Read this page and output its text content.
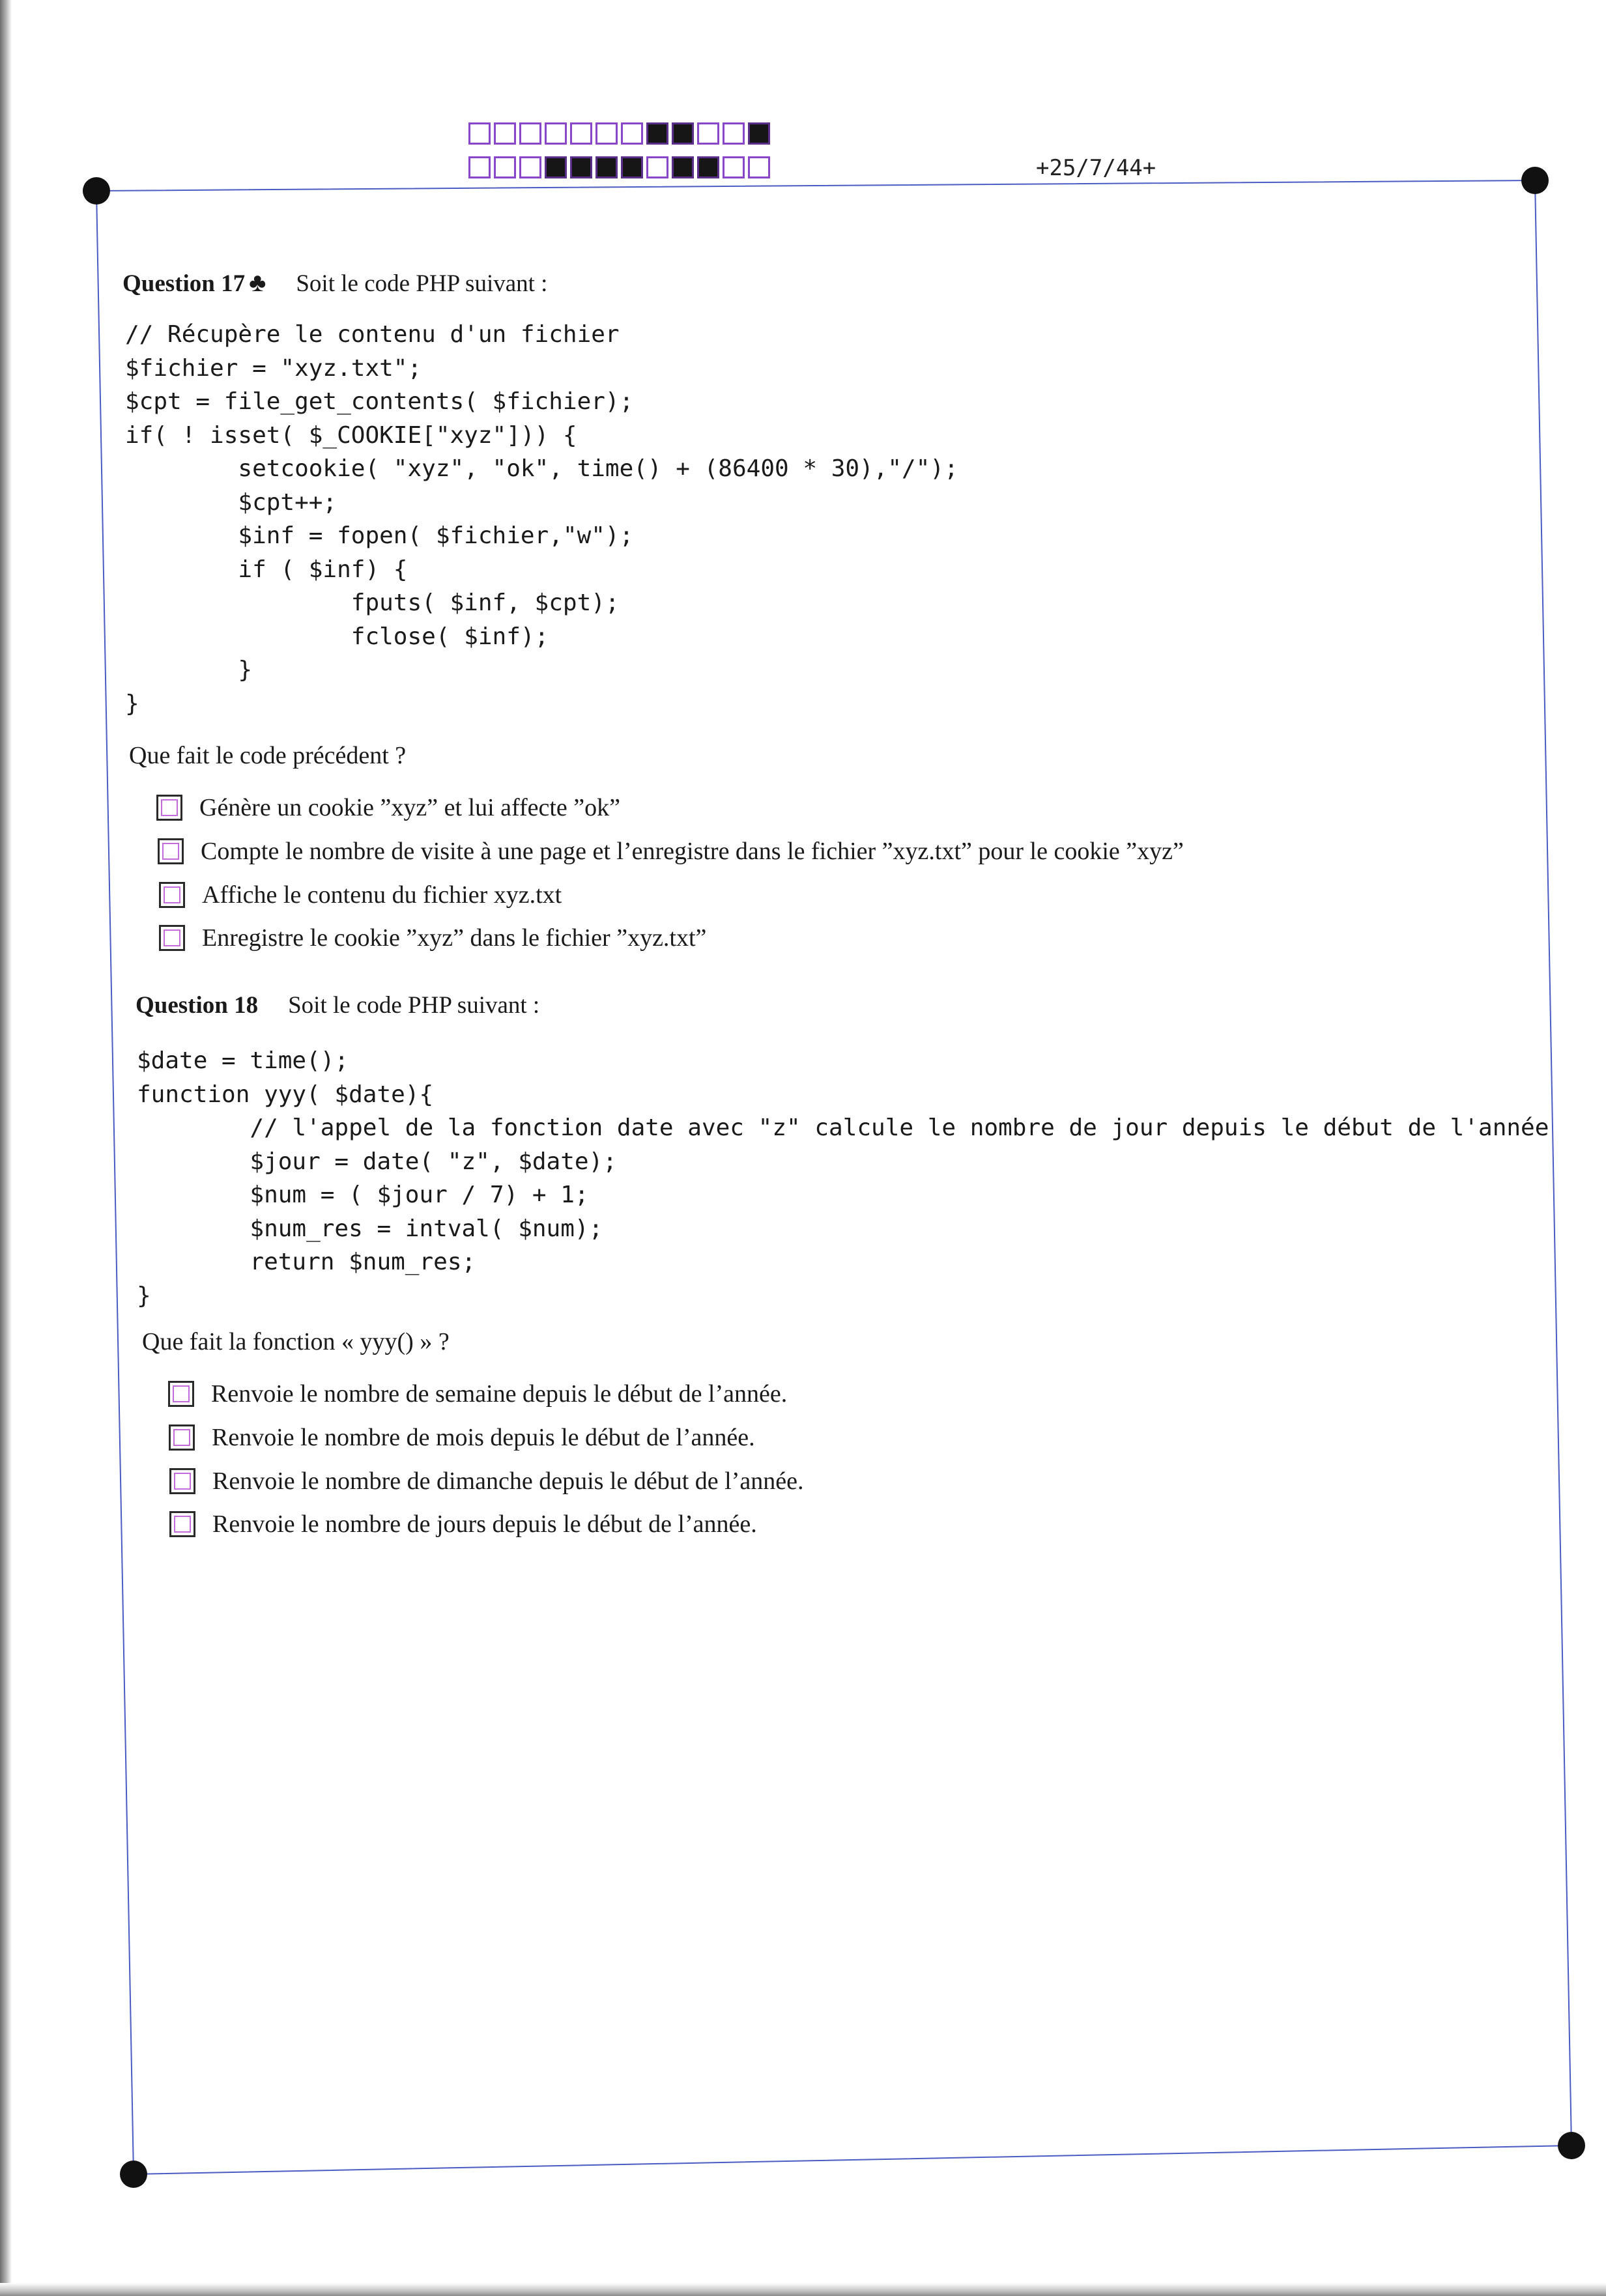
+25/7/44+
Question 17 ♣ Soit le code PHP suivant :
// Récupère le contenu d'un fichier
$fichier = "xyz.txt";
$cpt = file_get_contents( $fichier);
if( ! isset( $_COOKIE["xyz"])) {
setcookie( "xyz", "ok", time() + (86400 * 30),"/");
$cpt++;
$inf = fopen( $fichier,"w");
if ( $inf) {
fputs( $inf, $cpt);
fclose( $inf);
}
}
Que fait le code précédent ?
Génère un cookie ”xyz” et lui affecte ”ok”
Compte le nombre de visite à une page et l’enregistre dans le fichier ”xyz.txt” pour le cookie ”xyz”
Affiche le contenu du fichier xyz.txt
Enregistre le cookie ”xyz” dans le fichier ”xyz.txt”
Question 18 Soit le code PHP suivant :
$date = time();
function yyy( $date){
// l'appel de la fonction date avec "z" calcule le nombre de jour depuis le début de l'année
$jour = date( "z", $date);
$num = ( $jour / 7) + 1;
$num_res = intval( $num);
return $num_res;
}
Que fait la fonction « yyy() » ?
Renvoie le nombre de semaine depuis le début de l’année.
Renvoie le nombre de mois depuis le début de l’année.
Renvoie le nombre de dimanche depuis le début de l’année.
Renvoie le nombre de jours depuis le début de l’année.
